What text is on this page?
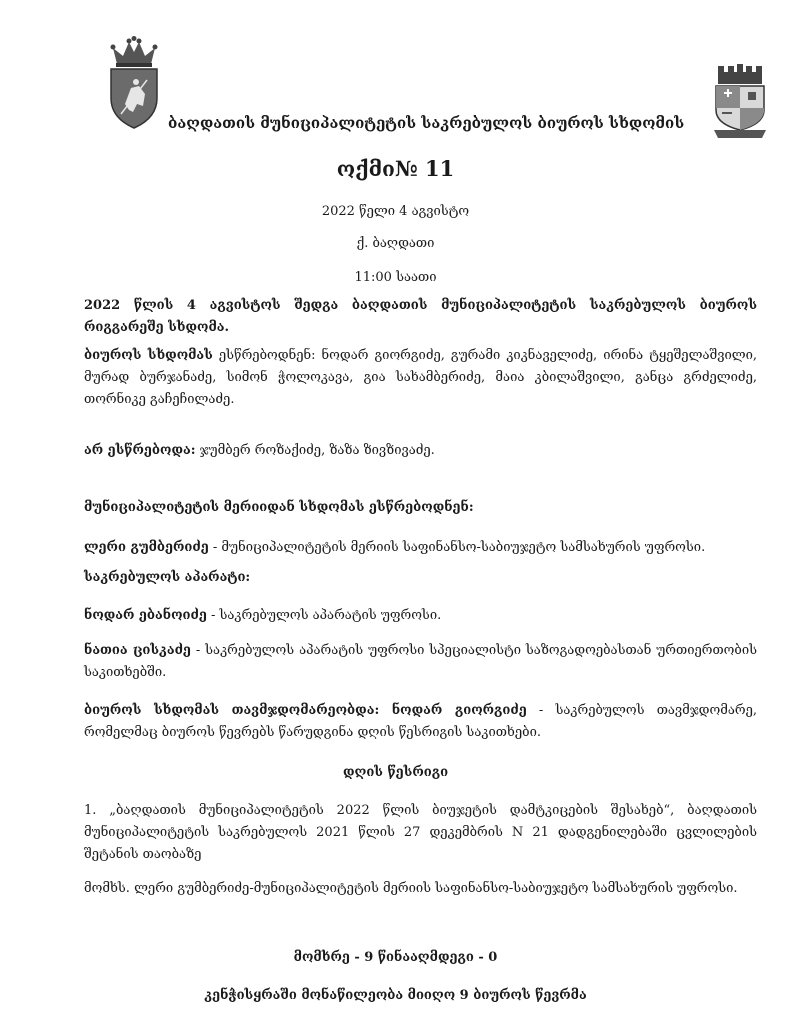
ბაღდათის მუნიციპალიტეტის საკრებულოს ბიუროს სხდომის
ოქმი№ 11
2022 წელი 4 აგვისტო
ქ. ბაღდათი
11:00 საათი
2022 წლის 4 აგვისტოს შედგა ბაღდათის მუნიციპალიტეტის საკრებულოს ბიუროს რიგგარეშე სხდომა.
ბიუროს სხდომას ესწრებოდნენ: ნოდარ გიორგიძე, გურამი კიკნაველიძე, ირინა ტყეშელაშვილი, მურად ბურჯანაძე, სიმონ ჭოლოკავა, გია სახამბერიძე, მაია კბილაშვილი, განცა გრძელიძე, თორნიკე გაჩეჩილაძე.
არ ესწრებოდა: ჯუმბერ როზაქიძე, ზაზა ზივზივაძე.
მუნიციპალიტეტის მერიიდან სხდომას ესწრებოდნენ:
ლერი გუმბერიძე - მუნიციპალიტეტის მერიის საფინანსო-საბიუჯეტო სამსახურის უფროსი.
საკრებულოს აპარატი:
ნოდარ ებანოიძე - საკრებულოს აპარატის უფროსი.
ნათია ცისკაძე - საკრებულოს აპარატის უფროსი სპეციალისტი საზოგადოებასთან ურთიერთობის საკითხებში.
ბიუროს სხდომას თავმჯდომარეობდა: ნოდარ გიორგიძე - საკრებულოს თავმჯდომარე, რომელმაც ბიუროს წევრებს წარუდგინა დღის წესრიგის საკითხები.
დღის წესრიგი
1. „ბაღდათის მუნიციპალიტეტის 2022 წლის ბიუჯეტის დამტკიცების შესახებ“, ბაღდათის მუნიციპალიტეტის საკრებულოს 2021 წლის 27 დეკემბრის N 21 დადგენილებაში ცვლილების შეტანის თაობაზე
მომხს. ლერი გუმბერიძე-მუნიციპალიტეტის მერიის საფინანსო-საბიუჯეტო სამსახურის უფროსი.
მომხრე - 9 წინააღმდეგი - 0
კენჭისყრაში მონაწილეობა მიიღო 9 ბიუროს წევრმა
